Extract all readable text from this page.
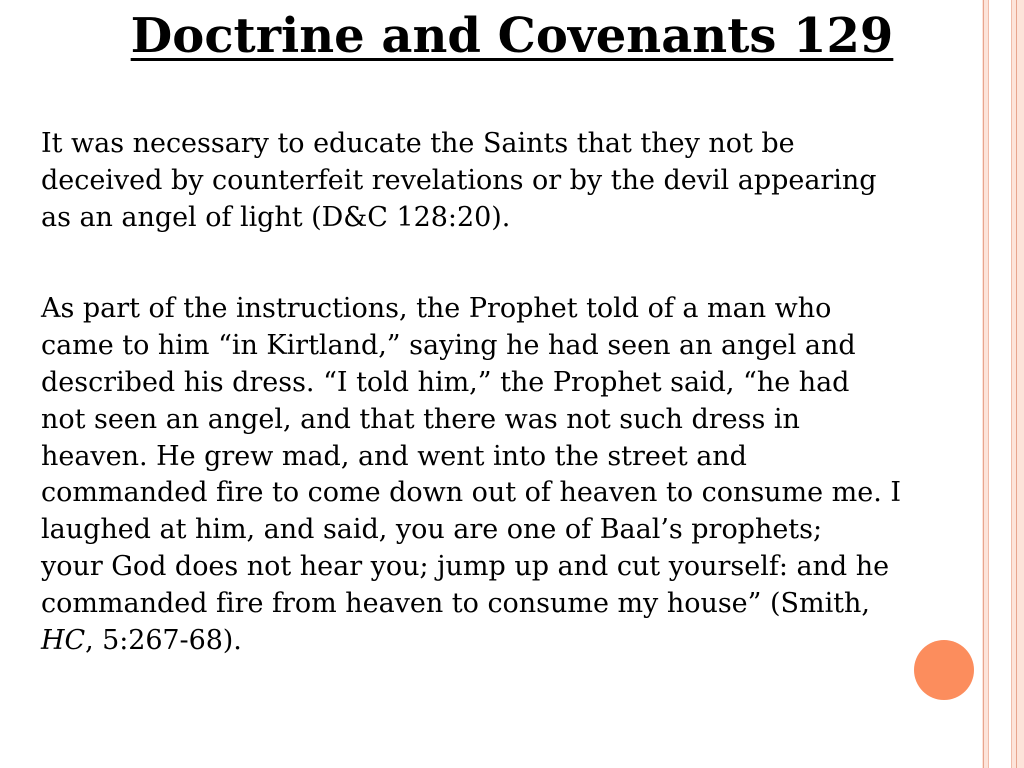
Doctrine and Covenants 129

It was necessary to educate the Saints that they not be

deceived by counterfeit revelations or by the devil appearing

as an angel of light (D&C 128:20).

As part of the instructions, the Prophet told of a man who

came to him “in Kirtland,” saying he had seen an angel and

described his dress. “I told him,” the Prophet said, “he had

not seen an angel, and that there was not such dress in

heaven. He grew mad, and went into the street and

commanded fire to come down out of heaven to consume me. I

laughed at him, and said, you are one of Baal’s prophets;

your God does not hear you; jump up and cut yourself: and he

commanded fire from heaven to consume my house” (Smith,

HC, 5:267-68).
